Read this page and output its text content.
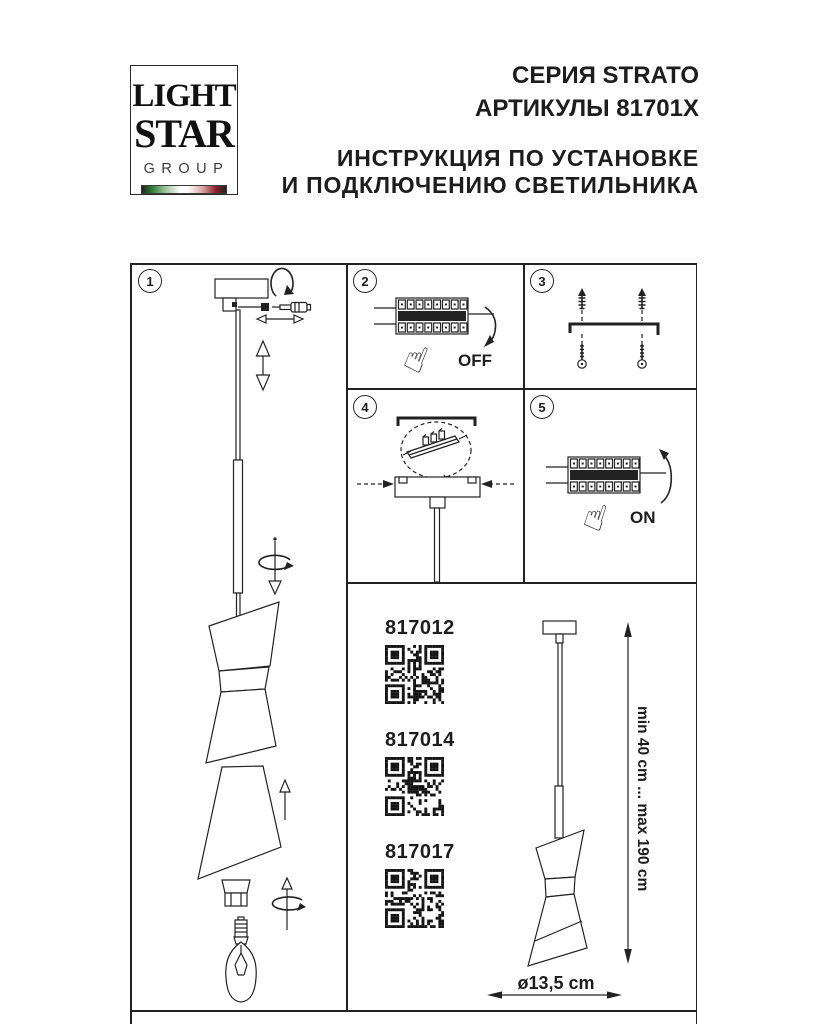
LIGHT
STAR
GROUP
СЕРИЯ STRATO
АРТИКУЛЫ 81701X
ИНСТРУКЦИЯ ПО УСТАНОВКЕ
И ПОДКЛЮЧЕНИЮ СВЕТИЛЬНИКА
1	2	3
4	5
☝ OFF
☝ ON
817012
817014
817017	min 40 cm ... max 190 cm
ø13,5 cm
